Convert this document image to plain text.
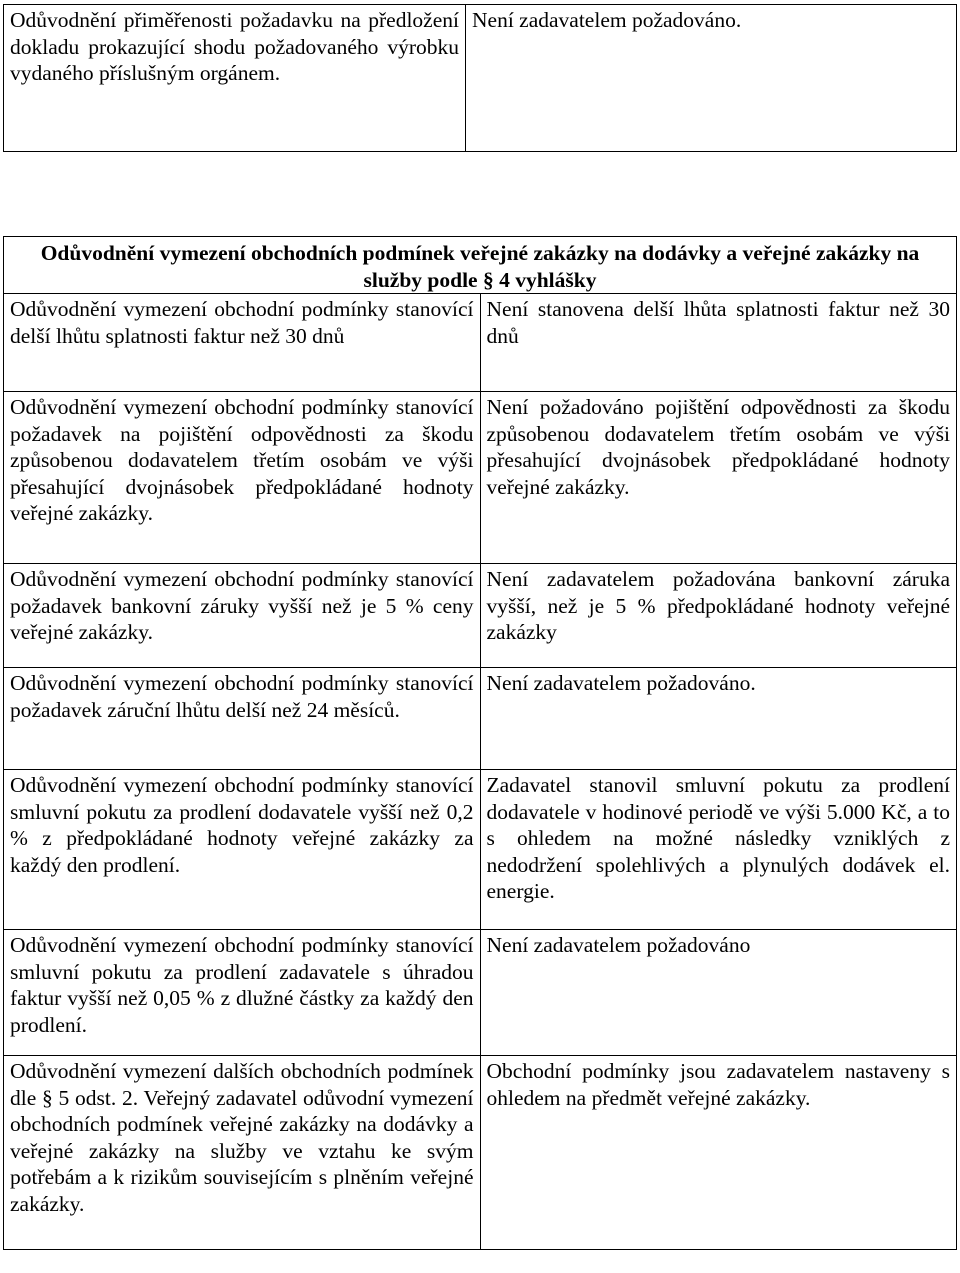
Odůvodnění přiměřenosti požadavku na předložení dokladu prokazující shodu požadovaného výrobku vydaného příslušným orgánem.	Není zadavatelem požadováno.
Odůvodnění vymezení obchodních podmínek veřejné zakázky na dodávky a veřejné zakázky na služby podle § 4 vyhlášky	
Odůvodnění vymezení obchodní podmínky stanovící delší lhůtu splatnosti faktur než 30 dnů	Není stanovena delší lhůta splatnosti faktur než 30 dnů
Odůvodnění vymezení obchodní podmínky stanovící požadavek na pojištění odpovědnosti za škodu způsobenou dodavatelem třetím osobám ve výši přesahující dvojnásobek předpokládané hodnoty veřejné zakázky.	Není požadováno pojištění odpovědnosti za škodu způsobenou dodavatelem třetím osobám ve výši přesahující dvojnásobek předpokládané hodnoty veřejné zakázky.
Odůvodnění vymezení obchodní podmínky stanovící požadavek bankovní záruky vyšší než je 5 % ceny veřejné zakázky.	Není zadavatelem požadována bankovní záruka vyšší, než je 5 % předpokládané hodnoty veřejné zakázky
Odůvodnění vymezení obchodní podmínky stanovící požadavek záruční lhůtu delší než 24 měsíců.	Není zadavatelem požadováno.
Odůvodnění vymezení obchodní podmínky stanovící smluvní pokutu za prodlení dodavatele vyšší než 0,2 % z předpokládané hodnoty veřejné zakázky za každý den prodlení.	Zadavatel stanovil smluvní pokutu za prodlení dodavatele v hodinové periodě ve výši 5.000 Kč, a to s ohledem na možné následky vzniklých z nedodržení spolehlivých a plynulých dodávek el. energie.
Odůvodnění vymezení obchodní podmínky stanovící smluvní pokutu za prodlení zadavatele s úhradou faktur vyšší než 0,05 % z dlužné částky za každý den prodlení.	Není zadavatelem požadováno
Odůvodnění vymezení dalších obchodních podmínek dle § 5 odst. 2. Veřejný zadavatel odůvodní vymezení obchodních podmínek veřejné zakázky na dodávky a veřejné zakázky na služby ve vztahu ke svým potřebám a k rizikům souvisejícím s plněním veřejné zakázky.	Obchodní podmínky jsou zadavatelem nastaveny s ohledem na předmět veřejné zakázky.
